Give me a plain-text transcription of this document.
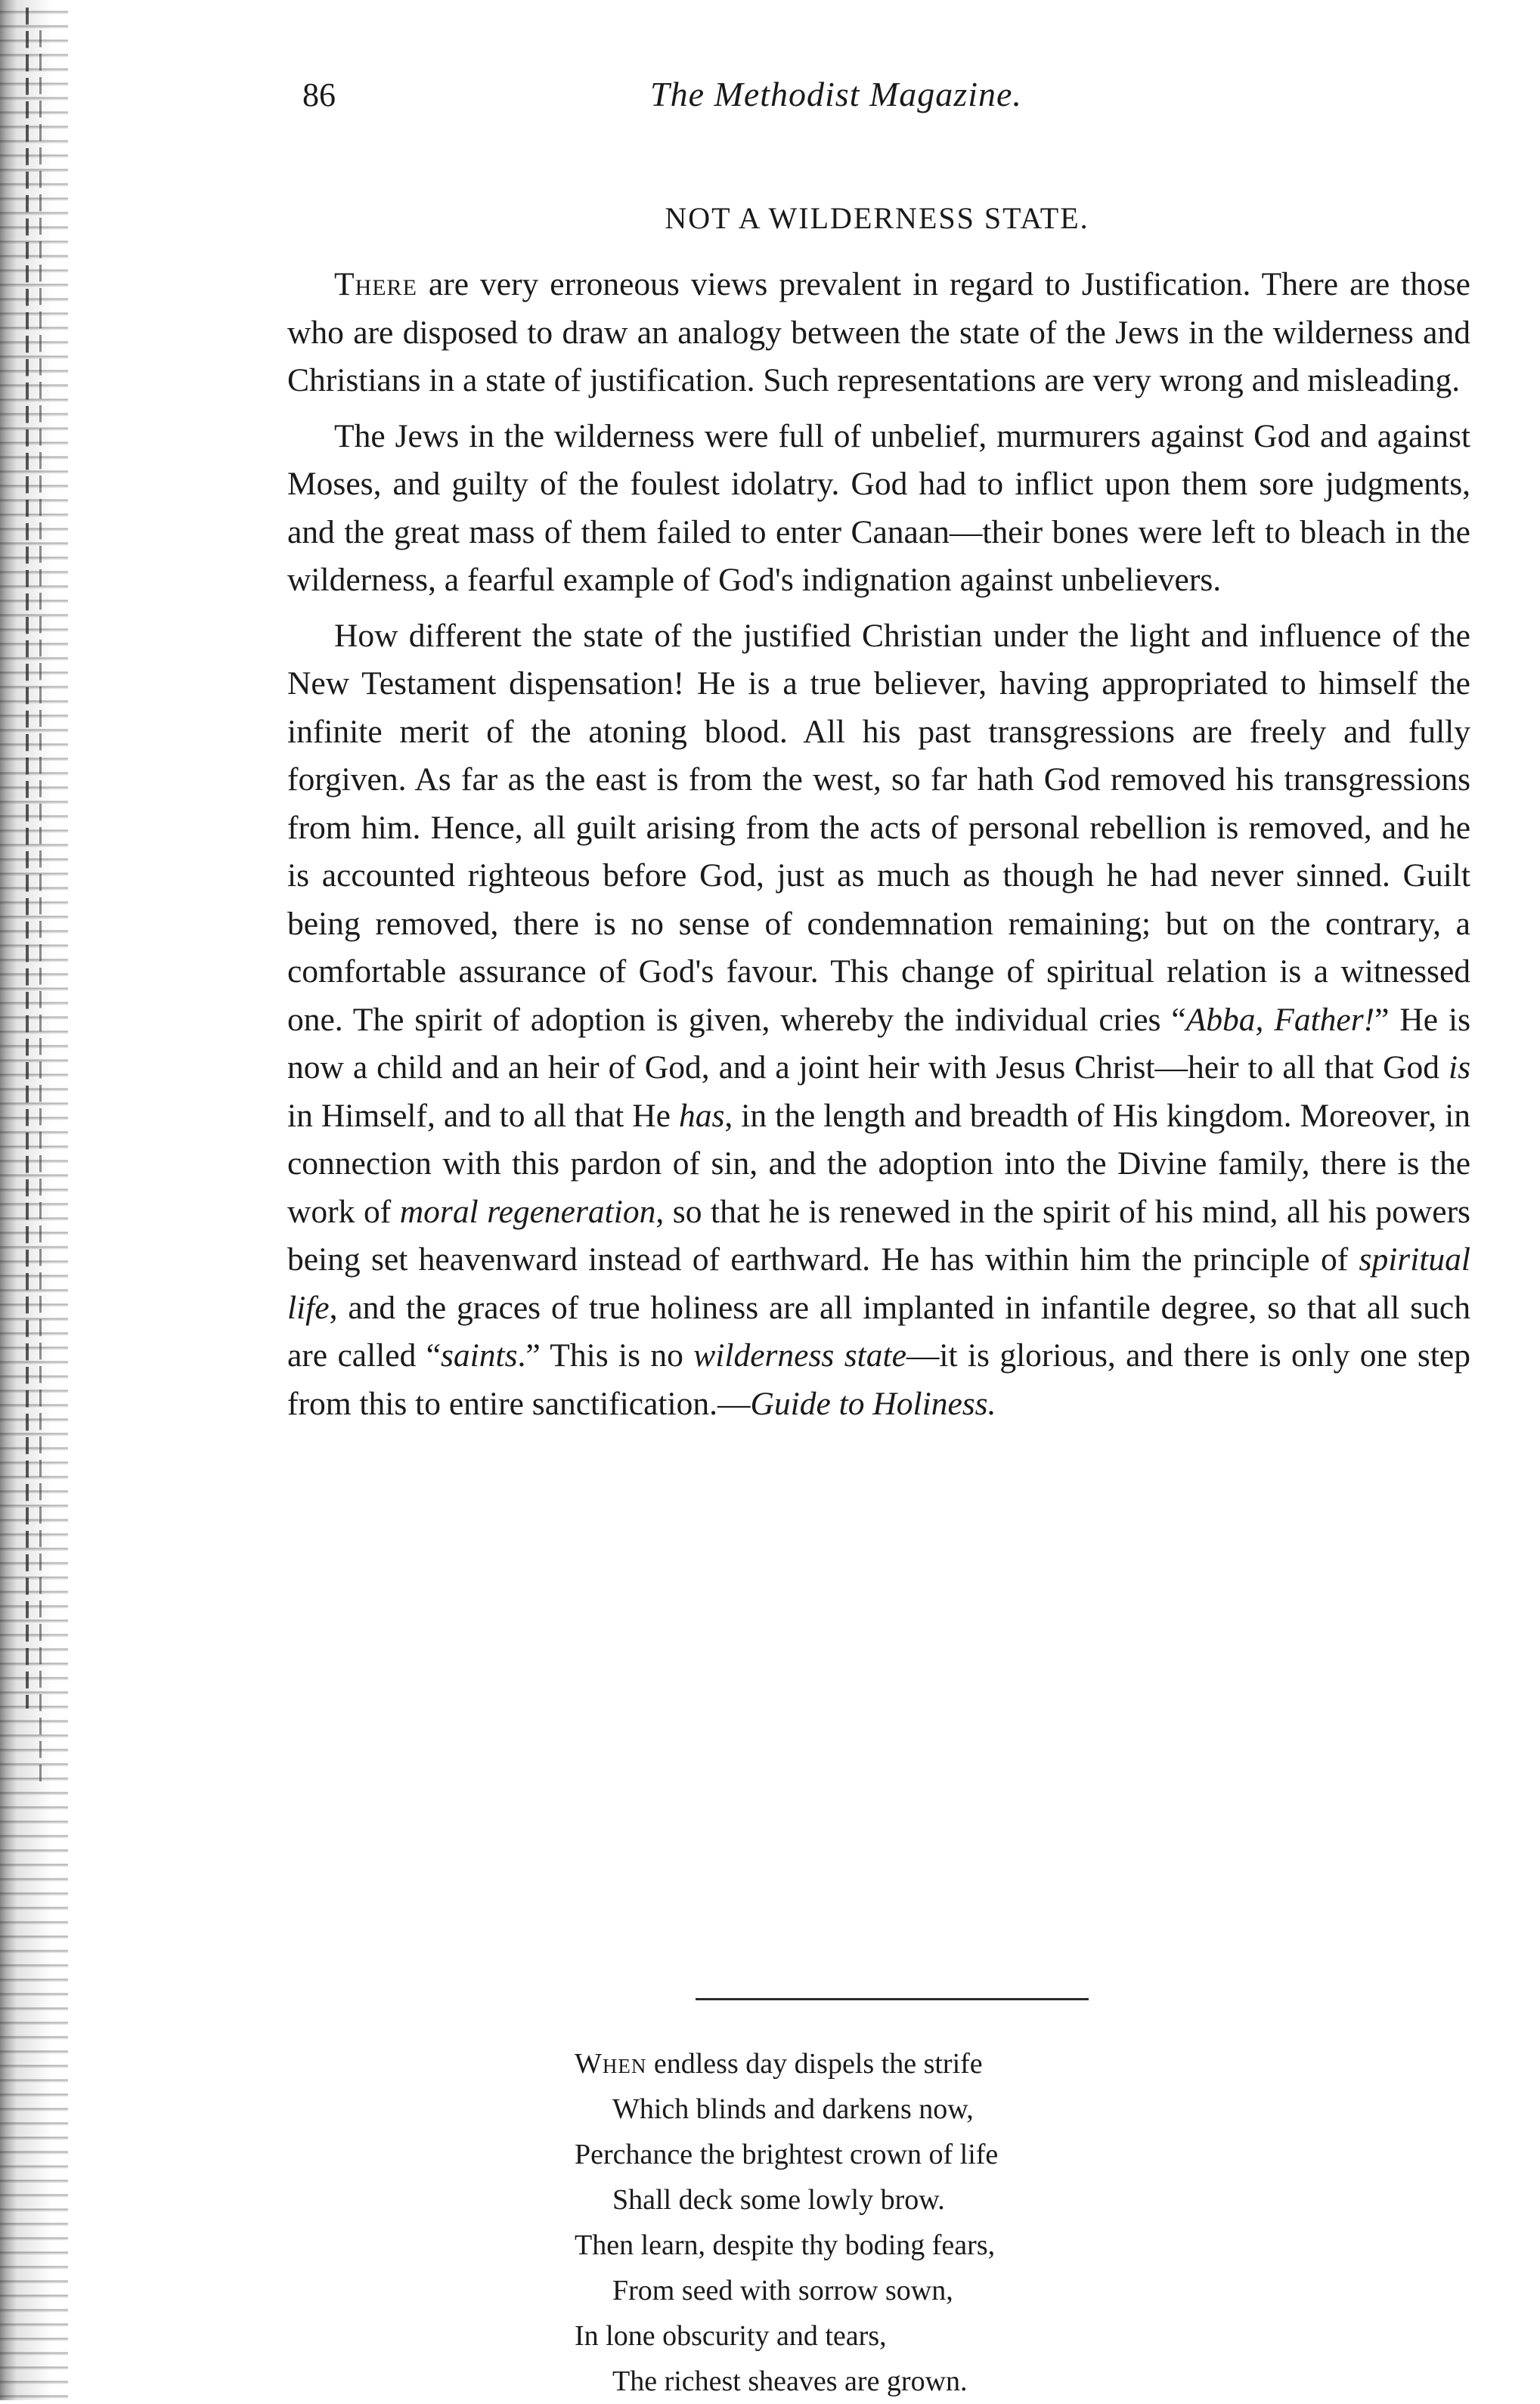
86	The Methodist Magazine.
NOT A WILDERNESS STATE.

There are very erroneous views prevalent in regard to Justification. There are those who are disposed to draw an analogy between the state of the Jews in the wilderness and Christians in a state of justification. Such representations are very wrong and misleading.

The Jews in the wilderness were full of unbelief, murmurers against God and against Moses, and guilty of the foulest idolatry. God had to inflict upon them sore judgments, and the great mass of them failed to enter Canaan—their bones were left to bleach in the wilderness, a fearful example of God's indignation against unbelievers.

How different the state of the justified Christian under the light and influence of the New Testament dispensation! He is a true believer, having appropriated to himself the infinite merit of the atoning blood. All his past transgressions are freely and fully forgiven. As far as the east is from the west, so far hath God removed his transgressions from him. Hence, all guilt arising from the acts of personal rebellion is removed, and he is accounted righteous before God, just as much as though he had never sinned. Guilt being removed, there is no sense of condemnation remaining; but on the contrary, a comfortable assurance of God's favour. This change of spiritual relation is a witnessed one. The spirit of adoption is given, whereby the individual cries “Abba, Father!” He is now a child and an heir of God, and a joint heir with Jesus Christ—heir to all that God is in Himself, and to all that He has, in the length and breadth of His kingdom. Moreover, in connection with this pardon of sin, and the adoption into the Divine family, there is the work of moral regeneration, so that he is renewed in the spirit of his mind, all his powers being set heavenward instead of earthward. He has within him the principle of spiritual life, and the graces of true holiness are all implanted in infantile degree, so that all such are called “saints.” This is no wilderness state—it is glorious, and there is only one step from this to entire sanctification.—Guide to Holiness.

When endless day dispels the strife
Which blinds and darkens now,
Perchance the brightest crown of life
Shall deck some lowly brow.
Then learn, despite thy boding fears,
From seed with sorrow sown,
In lone obscurity and tears,
The richest sheaves are grown.
